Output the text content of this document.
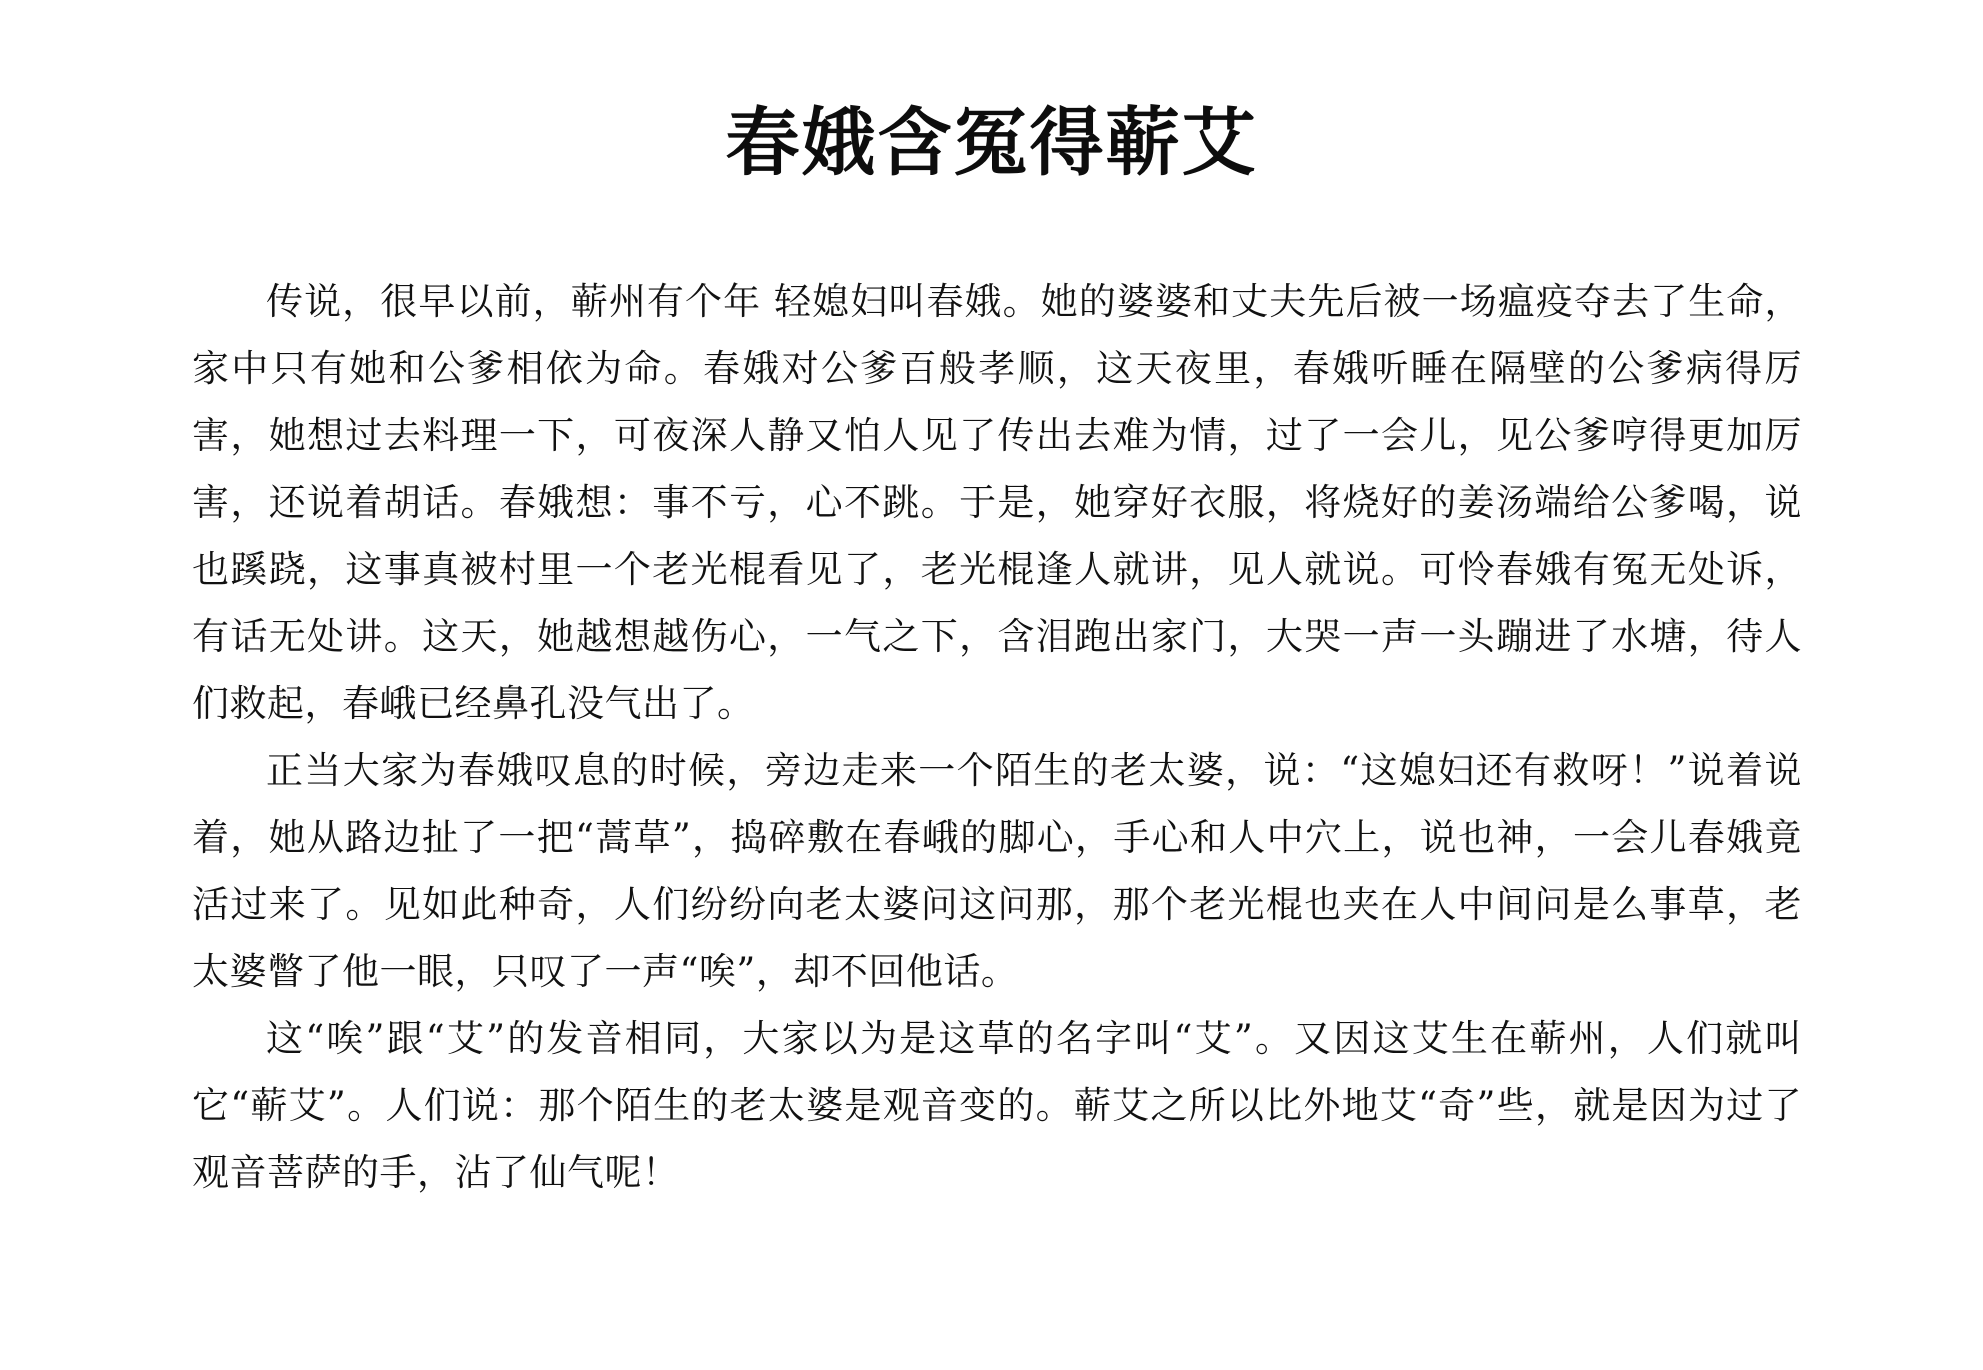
春娥含冤得蕲艾

传说，很早以前，蕲州有个年 轻媳妇叫春娥。她的婆婆和丈夫先后被一场瘟疫夺去了生命，家中只有她和公爹相依为命。春娥对公爹百般孝顺，这天夜里，春娥听睡在隔壁的公爹病得厉害，她想过去料理一下，可夜深人静又怕人见了传出去难为情，过了一会儿，见公爹哼得更加厉害，还说着胡话。春娥想：事不亏，心不跳。于是，她穿好衣服，将烧好的姜汤端给公爹喝，说也蹊跷，这事真被村里一个老光棍看见了，老光棍逢人就讲，见人就说。可怜春娥有冤无处诉，有话无处讲。这天，她越想越伤心，一气之下，含泪跑出家门，大哭一声一头蹦进了水塘，待人们救起，春峨已经鼻孔没气出了。

正当大家为春娥叹息的时候，旁边走来一个陌生的老太婆，说：“这媳妇还有救呀！”说着说着，她从路边扯了一把“蒿草”，捣碎敷在春峨的脚心，手心和人中穴上，说也神，一会儿春娥竟活过来了。见如此种奇，人们纷纷向老太婆问这问那，那个老光棍也夹在人中间问是么事草，老太婆瞥了他一眼，只叹了一声“唉”，却不回他话。

这“唉”跟“艾”的发音相同，大家以为是这草的名字叫“艾”。又因这艾生在蕲州，人们就叫它“蕲艾”。人们说：那个陌生的老太婆是观音变的。蕲艾之所以比外地艾“奇”些，就是因为过了观音菩萨的手，沾了仙气呢！
